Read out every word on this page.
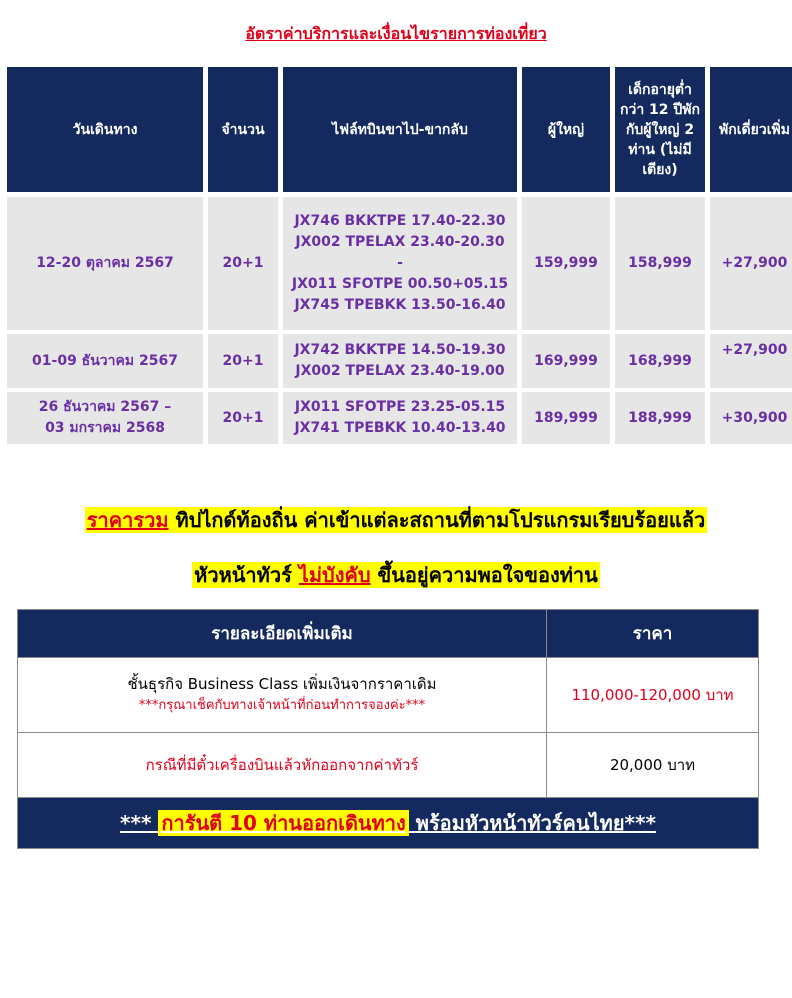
อัตราค่าบริการและเงื่อนไขรายการท่องเที่ยว
วันเดินทาง	จำนวน	ไฟล์ทบินขาไป-ขากลับ	ผู้ใหญ่	เด็กอายุต่ำกว่า 12 ปีพักกับผู้ใหญ่ 2 ท่าน (ไม่มีเตียง)	พักเดี่ยวเพิ่ม

12-20 ตุลาคม 2567	20+1	JX746 BKKTPE 17.40-22.30
JX002 TPELAX 23.40-20.30
-
JX011 SFOTPE 00.50+05.15
JX745 TPEBKK 13.50-16.40	159,999	158,999	+27,900

01-09 ธันวาคม 2567	20+1	JX742 BKKTPE 14.50-19.30
JX002 TPELAX 23.40-19.00	169,999	168,999	+27,900

26 ธันวาคม 2567 –
03 มกราคม 2568	20+1	JX011 SFOTPE 23.25-05.15
JX741 TPEBKK 10.40-13.40	189,999	188,999	+30,900
ราคารวม ทิปไกด์ท้องถิ่น ค่าเข้าแต่ละสถานที่ตามโปรแกรมเรียบร้อยแล้ว
หัวหน้าทัวร์ ไม่บังคับ ขึ้นอยู่ความพอใจของท่าน
รายละเอียดเพิ่มเติม	ราคา

ชั้นธุรกิจ Business Class เพิ่มเงินจากราคาเดิม
***กรุณาเช็คกับทางเจ้าหน้าที่ก่อนทำการจองค่ะ***	110,000-120,000 บาท
กรณีที่มีตั๋วเครื่องบินแล้วหักออกจากค่าทัวร์	20,000 บาท
*** การันตี 10 ท่านออกเดินทาง พร้อมหัวหน้าทัวร์คนไทย***	
